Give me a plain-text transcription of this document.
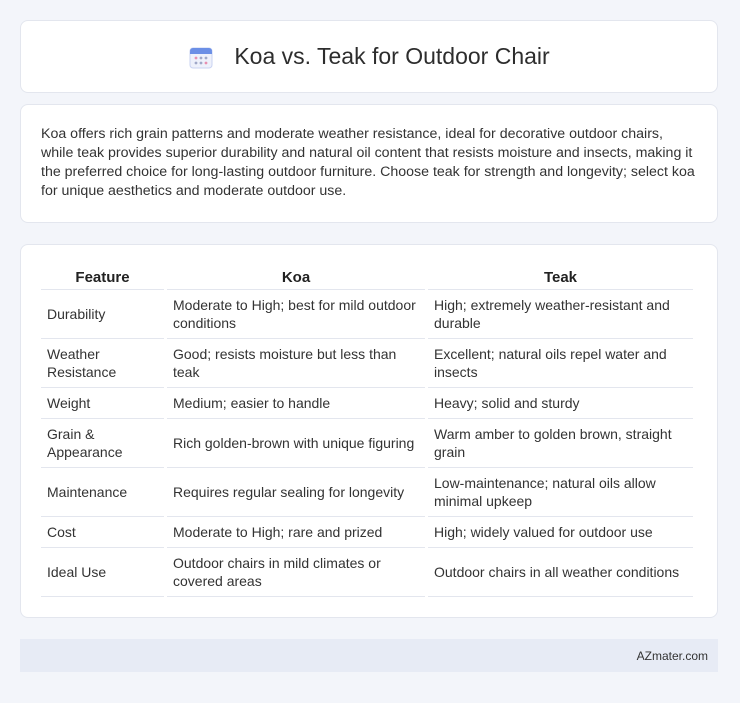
Koa vs. Teak for Outdoor Chair

Koa offers rich grain patterns and moderate weather resistance, ideal for decorative outdoor chairs, while teak provides superior durability and natural oil content that resists moisture and insects, making it the preferred choice for long-lasting outdoor furniture. Choose teak for strength and longevity; select koa for unique aesthetics and moderate outdoor use.

Feature	Koa	Teak
Durability	Moderate to High; best for mild outdoor conditions	High; extremely weather-resistant and durable
Weather Resistance	Good; resists moisture but less than teak	Excellent; natural oils repel water and insects
Weight	Medium; easier to handle	Heavy; solid and sturdy
Grain & Appearance	Rich golden-brown with unique figuring	Warm amber to golden brown, straight grain
Maintenance	Requires regular sealing for longevity	Low-maintenance; natural oils allow minimal upkeep
Cost	Moderate to High; rare and prized	High; widely valued for outdoor use
Ideal Use	Outdoor chairs in mild climates or covered areas	Outdoor chairs in all weather conditions
AZmater.com
